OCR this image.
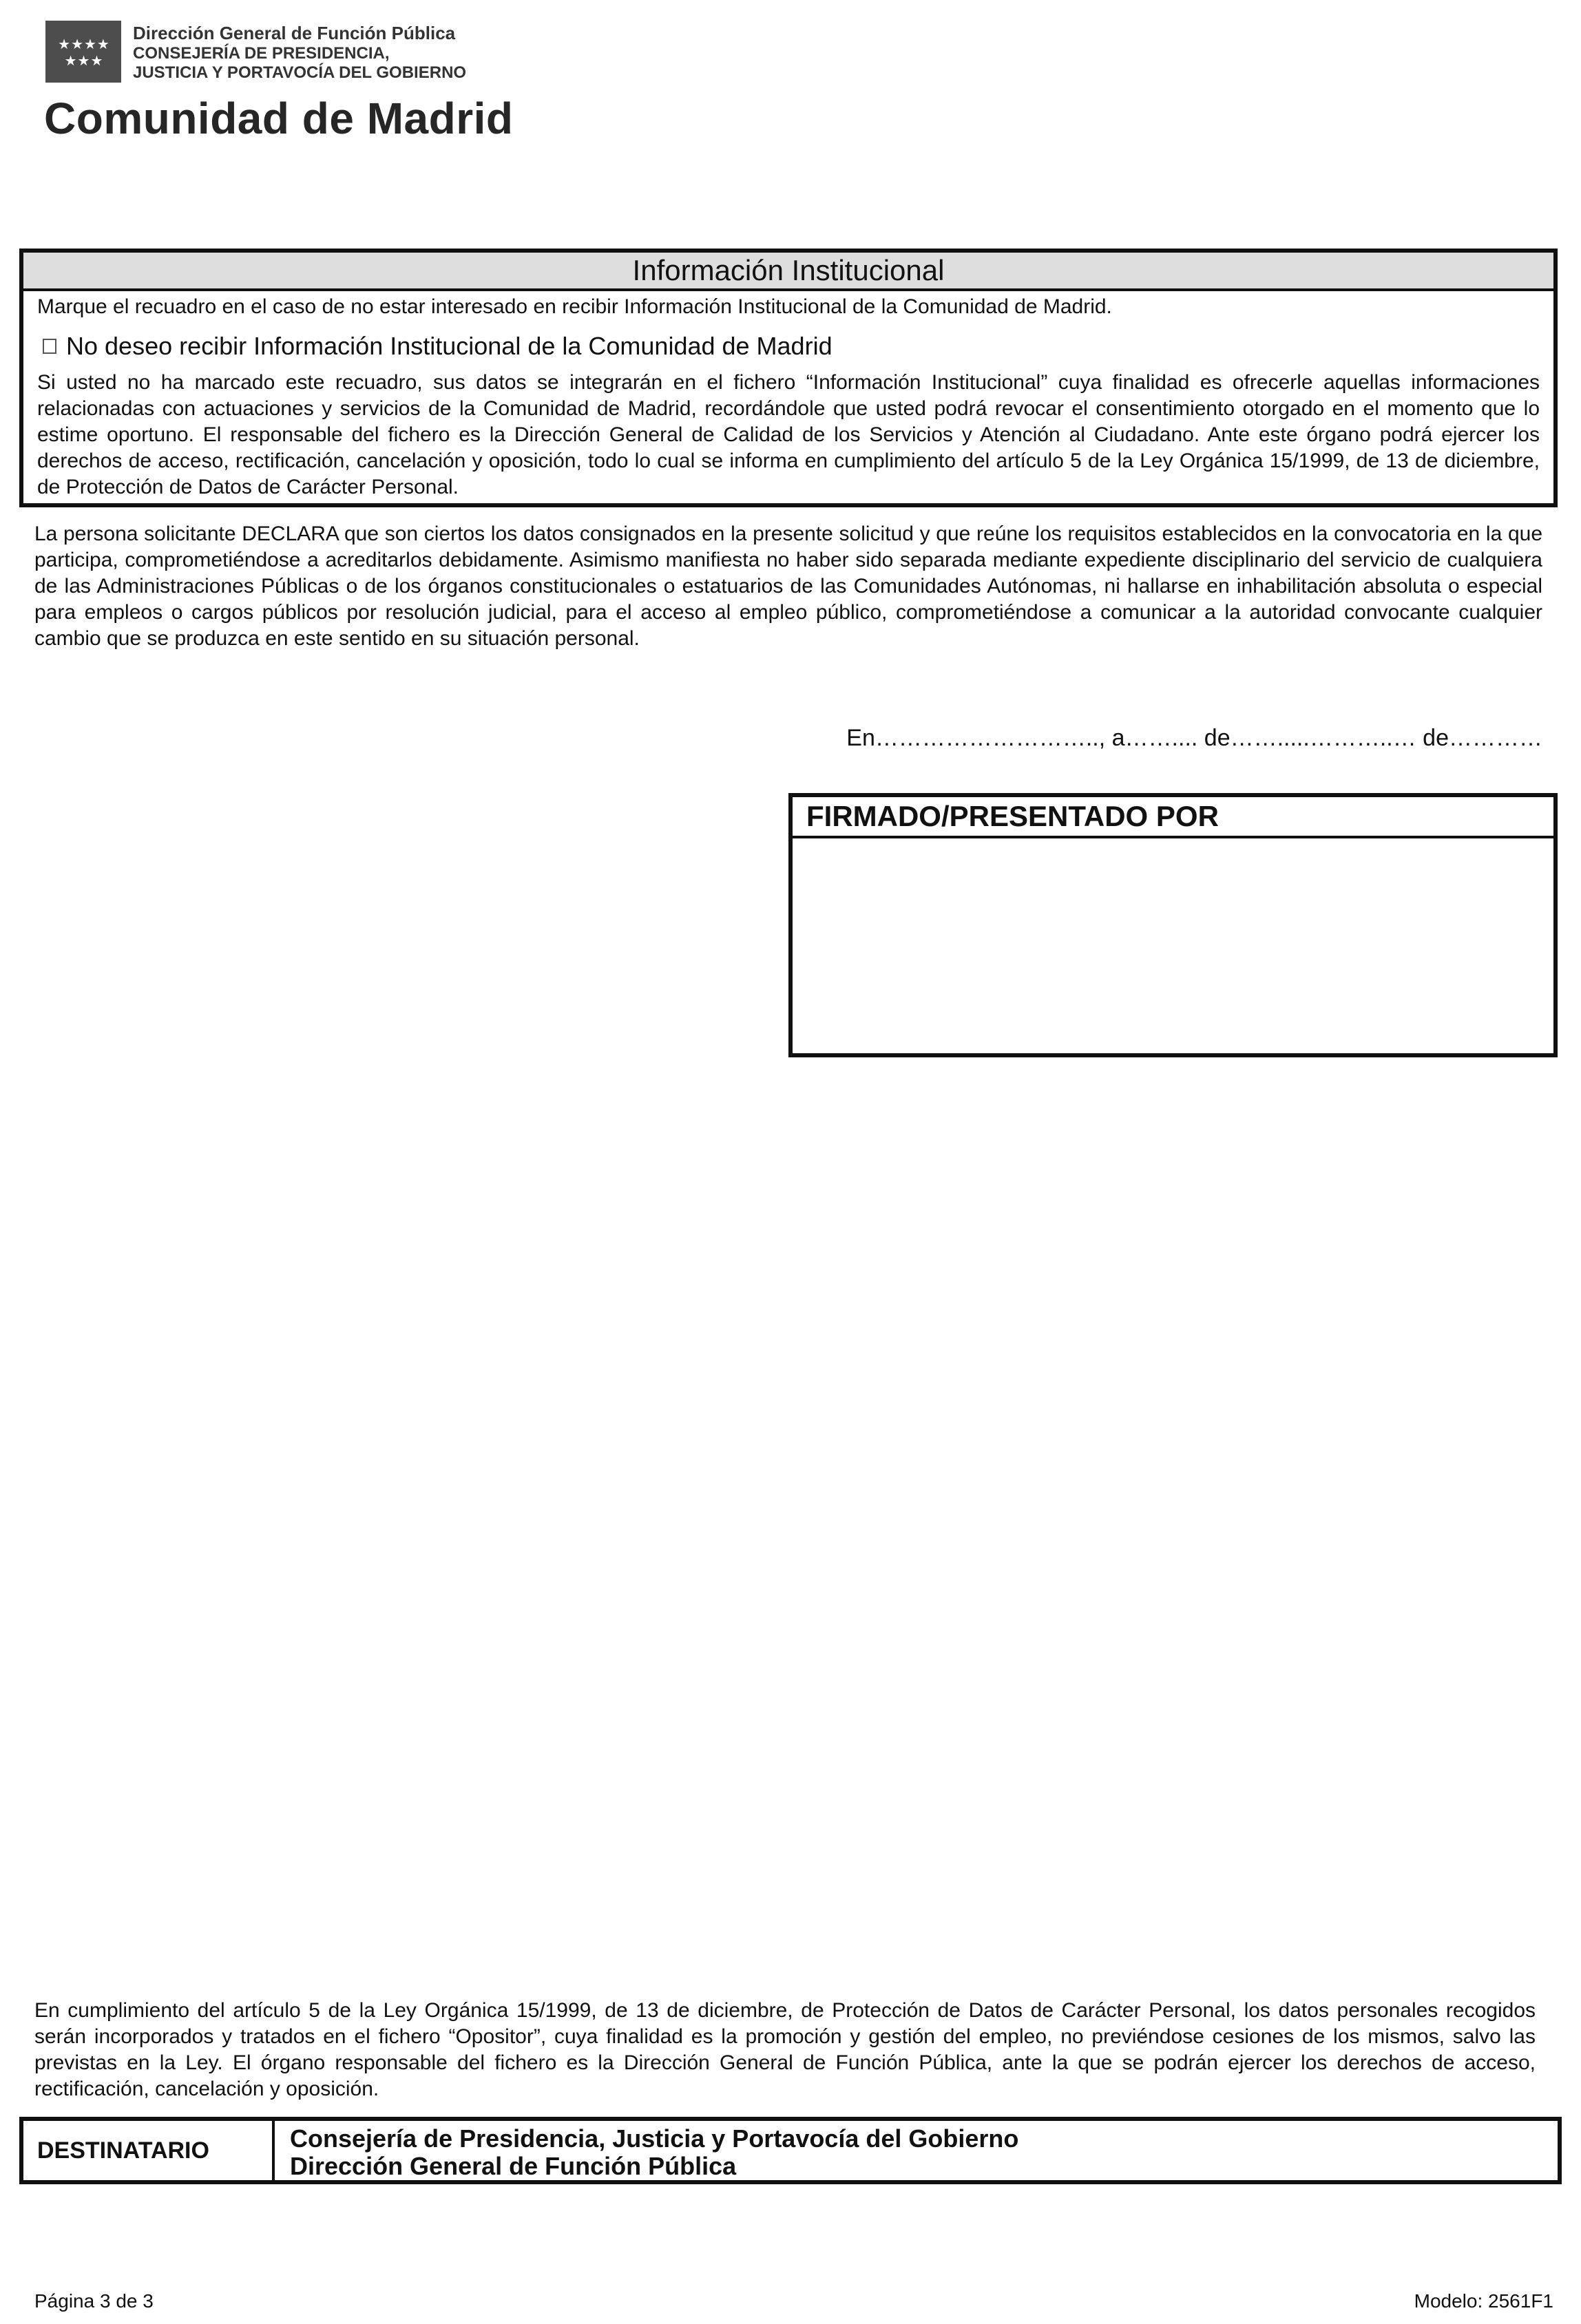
★★★★
★★★
Dirección General de Función Pública
CONSEJERÍA DE PRESIDENCIA,
JUSTICIA Y PORTAVOCÍA DEL GOBIERNO
Comunidad de Madrid
Información Institucional
Marque el recuadro en el caso de no estar interesado en recibir Información Institucional de la Comunidad de Madrid.
No deseo recibir Información Institucional de la Comunidad de Madrid
Si usted no ha marcado este recuadro, sus datos se integrarán en el fichero “Información Institucional” cuya finalidad es ofrecerle aquellas informaciones relacionadas con actuaciones y servicios de la Comunidad de Madrid, recordándole que usted podrá revocar el consentimiento otorgado en el momento que lo estime oportuno. El responsable del fichero es la Dirección General de Calidad de los Servicios y Atención al Ciudadano. Ante este órgano podrá ejercer los derechos de acceso, rectificación, cancelación y oposición, todo lo cual se informa en cumplimiento del artículo 5 de la Ley Orgánica 15/1999, de 13 de diciembre, de Protección de Datos de Carácter Personal.
La persona solicitante DECLARA que son ciertos los datos consignados en la presente solicitud y que reúne los requisitos establecidos en la convocatoria en la que participa, comprometiéndose a acreditarlos debidamente. Asimismo manifiesta no haber sido separada mediante expediente disciplinario del servicio de cualquiera de las Administraciones Públicas o de los órganos constitucionales o estatuarios de las Comunidades Autónomas, ni hallarse en inhabilitación absoluta o especial para empleos o cargos públicos por resolución judicial, para el acceso al empleo público, comprometiéndose a comunicar a la autoridad convocante cualquier cambio que se produzca en este sentido en su situación personal.
En……………………….., a…….... de…….....………..… de…………
FIRMADO/PRESENTADO POR
En cumplimiento del artículo 5 de la Ley Orgánica 15/1999, de 13 de diciembre, de Protección de Datos de Carácter Personal, los datos personales recogidos serán incorporados y tratados en el fichero “Opositor”, cuya finalidad es la promoción y gestión del empleo, no previéndose cesiones de los mismos, salvo las previstas en la Ley. El órgano responsable del fichero es la Dirección General de Función Pública, ante la que se podrán ejercer los derechos de acceso, rectificación, cancelación y oposición.
DESTINATARIO	Consejería de Presidencia, Justicia y Portavocía del Gobierno
Dirección General de Función Pública
Página 3 de 3	Modelo: 2561F1
